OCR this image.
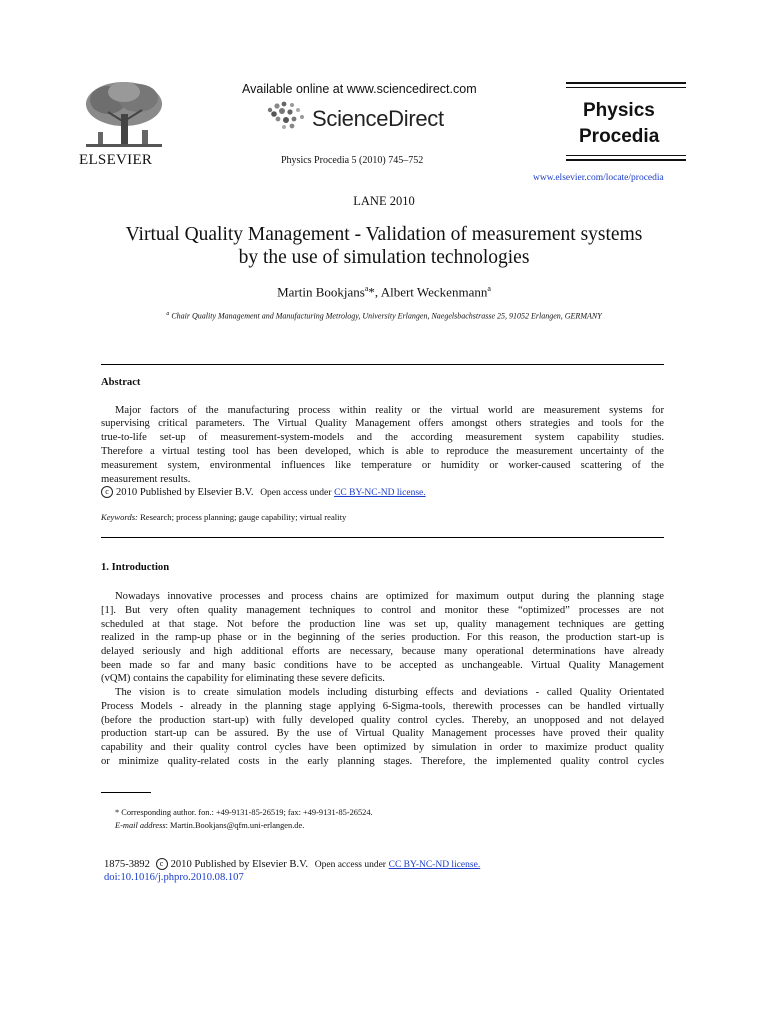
ELSEVIER
Available online at www.sciencedirect.com
ScienceDirect
Physics Procedia 5 (2010) 745–752
Physics
Procedia
www.elsevier.com/locate/procedia
LANE 2010
Virtual Quality Management - Validation of measurement systems
by the use of simulation technologies
Martin Bookjans$^a$*, Albert Weckenmann$^a$
$^a$ Chair Quality Management and Manufacturing Metrology, University Erlangen, Naegelsbachstrasse 25, 91052 Erlangen, GERMANY
Abstract
Major factors of the manufacturing process within reality or the virtual world are measurement systems for
supervising critical parameters. The Virtual Quality Management offers amongst others strategies and tools for the
true-to-life set-up of measurement-system-models and the according measurement system capability studies.
Therefore a virtual testing tool has been developed, which is able to reproduce the measurement uncertainty of the
measurement system, environmental influences like temperature or humidity or worker-caused scattering of the
measurement results.
c 2010 Published by Elsevier B.V. Open access under CC BY-NC-ND license.
Keywords: Research; process planning; gauge capability; virtual reality
1. Introduction
Nowadays innovative processes and process chains are optimized for maximum output during the planning stage
[1]. But very often quality management techniques to control and monitor these “optimized” processes are not
scheduled at that stage. Not before the production line was set up, quality management techniques are getting
realized in the ramp-up phase or in the beginning of the series production. For this reason, the production start-up is
delayed seriously and high additional efforts are necessary, because many operational determinations have already
been made so far and many basic conditions have to be accepted as unchangeable. Virtual Quality Management
(vQM) contains the capability for eliminating these severe deficits.
The vision is to create simulation models including disturbing effects and deviations - called Quality Orientated
Process Models - already in the planning stage applying 6-Sigma-tools, therewith processes can be handled virtually
(before the production start-up) with fully developed quality control cycles. Thereby, an unopposed and not delayed
production start-up can be assured. By the use of Virtual Quality Management processes have proved their quality
capability and their quality control cycles have been optimized by simulation in order to maximize product quality
or minimize quality-related costs in the early planning stages. Therefore, the implemented quality control cycles
* Corresponding author. fon.: +49-9131-85-26519; fax: +49-9131-85-26524.
E-mail address: Martin.Bookjans@qfm.uni-erlangen.de.
1875-3892 c 2010 Published by Elsevier B.V. Open access under CC BY-NC-ND license.
doi:10.1016/j.phpro.2010.08.107
